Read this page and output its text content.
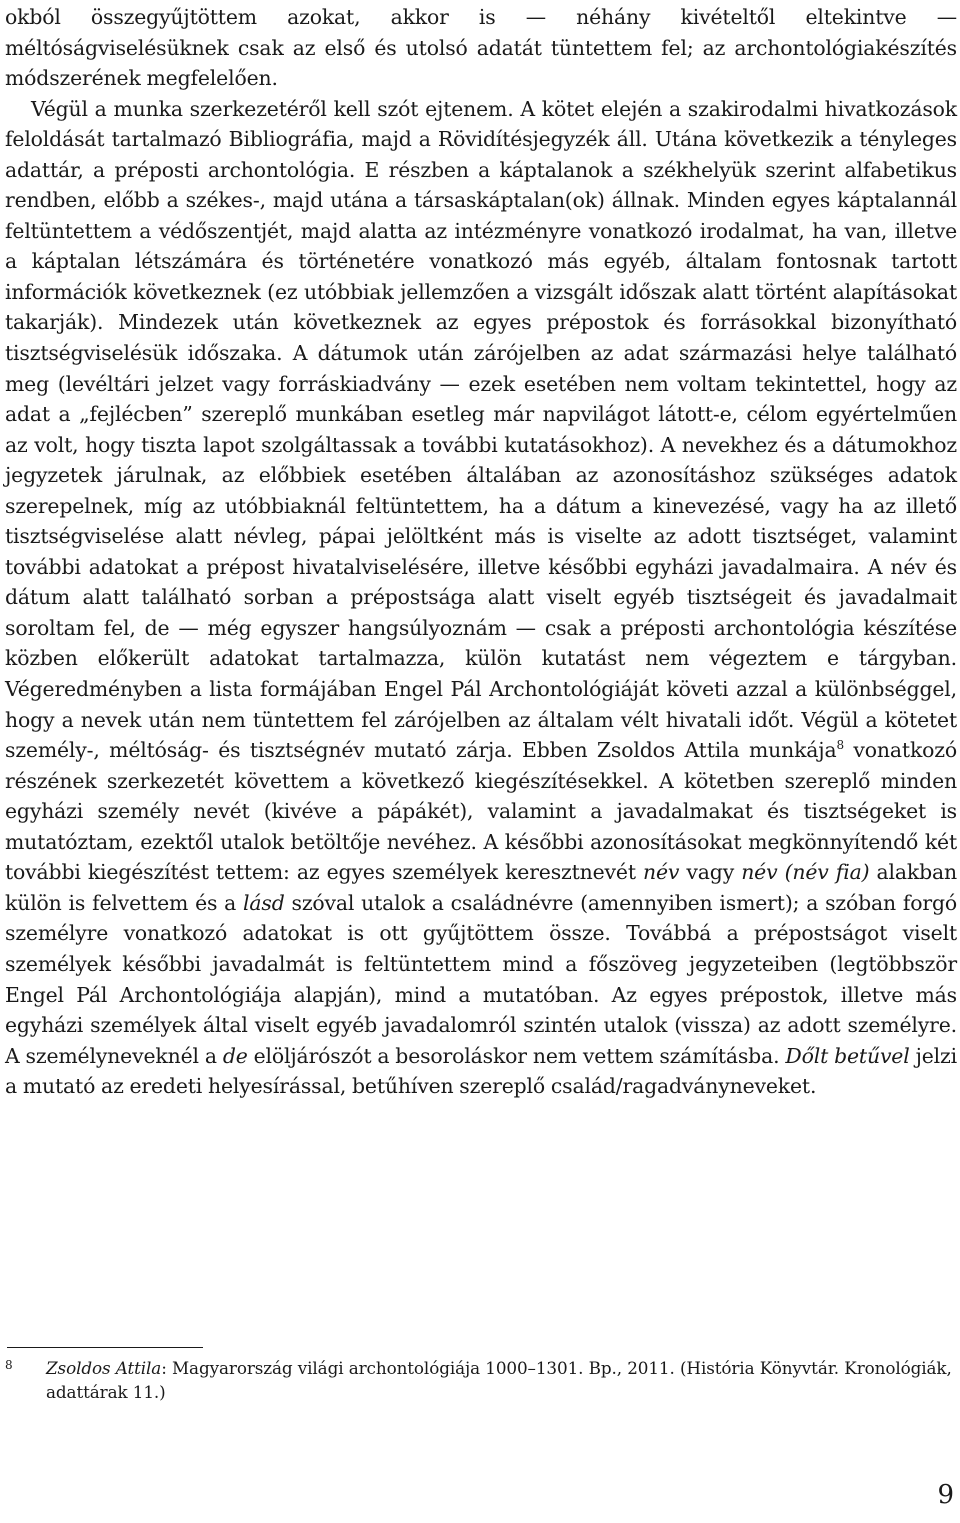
okból összegyűjtöttem azokat, akkor is — néhány kivételtől eltekintve — méltóságviselésüknek csak az első és utolsó adatát tüntettem fel; az archontológiakészítés módszerének megfelelően.

Végül a munka szerkezetéről kell szót ejtenem. A kötet elején a szakirodalmi hivatkozások feloldását tartalmazó Bibliográfia, majd a Rövidítésjegyzék áll. Utána következik a tényleges adattár, a préposti archontológia. E részben a káptalanok a székhelyük szerint alfabetikus rendben, előbb a székes-, majd utána a társaskáptalan(ok) állnak. Minden egyes káptalannál feltüntettem a védőszentjét, majd alatta az intézményre vonatkozó irodalmat, ha van, illetve a káptalan létszámára és történetére vonatkozó más egyéb, általam fontosnak tartott információk következnek (ez utóbbiak jellemzően a vizsgált időszak alatt történt alapításokat takarják). Mindezek után következnek az egyes prépostok és forrásokkal bizonyítható tisztségviselésük időszaka. A dátumok után zárójelben az adat származási helye található meg (levéltári jelzet vagy forráskiadvány — ezek esetében nem voltam tekintettel, hogy az adat a „fejlécben” szereplő munkában esetleg már napvilágot látott-e, célom egyértelműen az volt, hogy tiszta lapot szolgáltassak a további kutatásokhoz). A nevekhez és a dátumokhoz jegyzetek járulnak, az előbbiek esetében általában az azonosításhoz szükséges adatok szerepelnek, míg az utóbbiaknál feltüntettem, ha a dátum a kinevezésé, vagy ha az illető tisztségviselése alatt névleg, pápai jelöltként más is viselte az adott tisztséget, valamint további adatokat a prépost hivatalviselésére, illetve későbbi egyházi javadalmaira. A név és dátum alatt található sorban a prépostsága alatt viselt egyéb tisztségeit és javadalmait soroltam fel, de — még egyszer hangsúlyoznám — csak a préposti archontológia készítése közben előkerült adatokat tartalmazza, külön kutatást nem végeztem e tárgyban. Végeredményben a lista formájában Engel Pál Archontológiáját követi azzal a különbséggel, hogy a nevek után nem tüntettem fel zárójelben az általam vélt hivatali időt. Végül a kötetet személy-, méltóság- és tisztségnév mutató zárja. Ebben Zsoldos Attila munkája$^8$ vonatkozó részének szerkezetét követtem a következő kiegészítésekkel. A kötetben szereplő minden egyházi személy nevét (kivéve a pápákét), valamint a javadalmakat és tisztségeket is mutatóztam, ezektől utalok betöltője nevéhez. A későbbi azonosításokat megkönnyítendő két további kiegészítést tettem: az egyes személyek keresztnevét név vagy név (név fia) alakban külön is felvettem és a lásd szóval utalok a családnévre (amennyiben ismert); a szóban forgó személyre vonatkozó adatokat is ott gyűjtöttem össze. Továbbá a prépostságot viselt személyek későbbi javadalmát is feltüntettem mind a főszöveg jegyzeteiben (legtöbbször Engel Pál Archontológiája alapján), mind a mutatóban. Az egyes prépostok, illetve más egyházi személyek által viselt egyéb javadalomról szintén utalok (vissza) az adott személyre. A személyneveknél a de elöljárószót a besoroláskor nem vettem számításba. Dőlt betűvel jelzi a mutató az eredeti helyesírással, betűhíven szereplő család/ragadványneveket.

8 Zsoldos Attila: Magyarország világi archontológiája 1000–1301. Bp., 2011. (História Könyvtár. Kronológiák, adattárak 11.)
9
